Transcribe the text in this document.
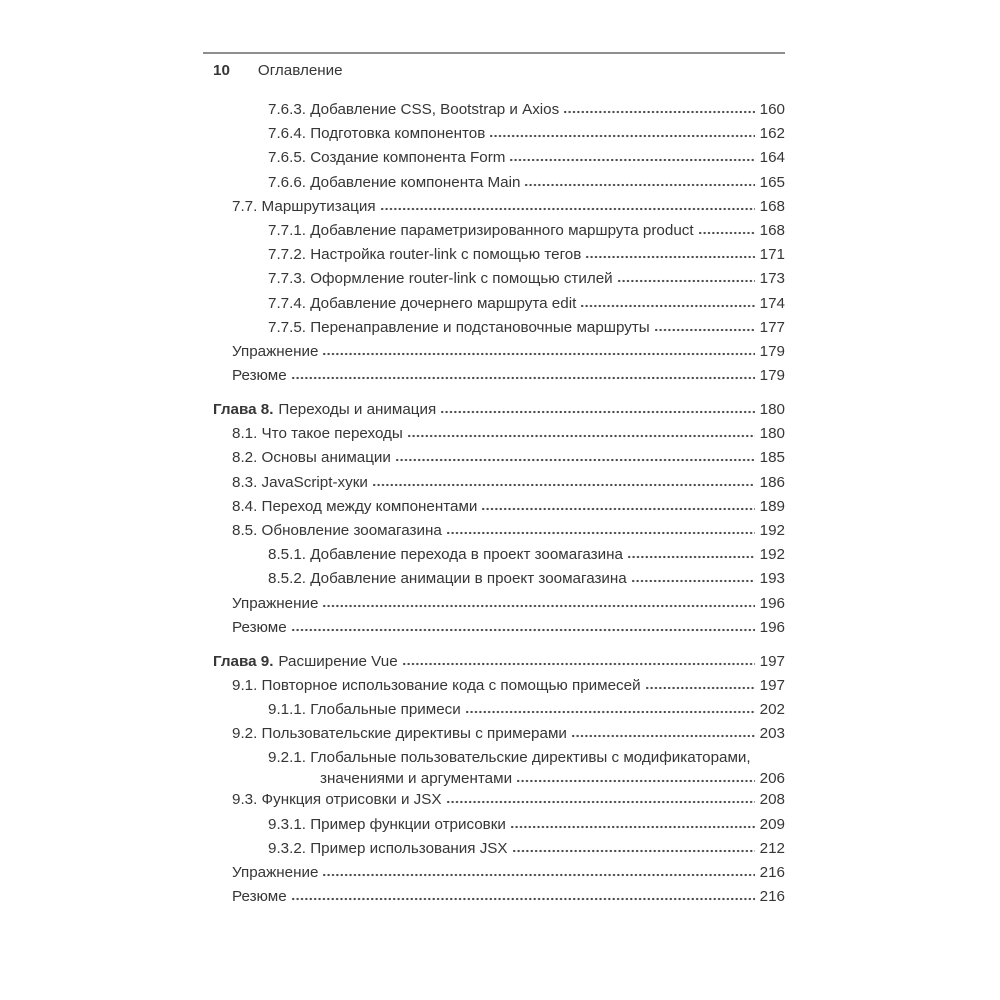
10 Оглавление
7.6.3. Добавление CSS, Bootstrap и Axios	160
7.6.4. Подготовка компонентов	162
7.6.5. Создание компонента Form	164
7.6.6. Добавление компонента Main	165
7.7. Маршрутизация	168
7.7.1. Добавление параметризированного маршрута product	168
7.7.2. Настройка router-link с помощью тегов	171
7.7.3. Оформление router-link с помощью стилей	173
7.7.4. Добавление дочернего маршрута edit	174
7.7.5. Перенаправление и подстановочные маршруты	177
Упражнение	179
Резюме	179
Глава 8. Переходы и анимация	180
8.1. Что такое переходы	180
8.2. Основы анимации	185
8.3. JavaScript-хуки	186
8.4. Переход между компонентами	189
8.5. Обновление зоомагазина	192
8.5.1. Добавление перехода в проект зоомагазина	192
8.5.2. Добавление анимации в проект зоомагазина	193
Упражнение	196
Резюме	196
Глава 9. Расширение Vue	197
9.1. Повторное использование кода с помощью примесей	197
9.1.1. Глобальные примеси	202
9.2. Пользовательские директивы с примерами	203
9.2.1. Глобальные пользовательские директивы с модификаторами,
значениями и аргументами	206
9.3. Функция отрисовки и JSX	208
9.3.1. Пример функции отрисовки	209
9.3.2. Пример использования JSX	212
Упражнение	216
Резюме	216
